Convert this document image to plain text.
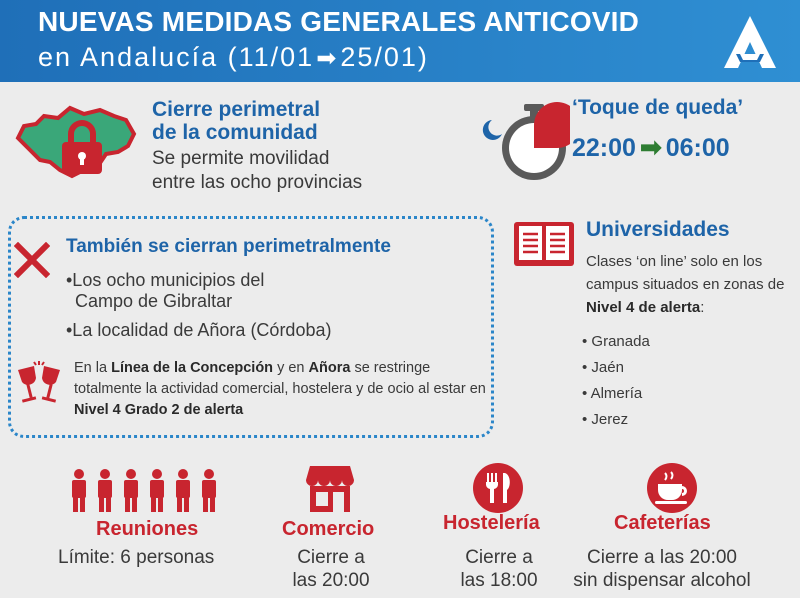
NUEVAS MEDIDAS GENERALES ANTICOVID
en Andalucía (11/01➡25/01)
Cierre perimetral
de la comunidad
Se permite movilidad
entre las ocho provincias
‘Toque de queda’
22:00 ➡ 06:00
También se cierran perimetralmente
•Los ocho municipios del
Campo de Gibraltar
•La localidad de Añora (Córdoba)
En la Línea de la Concepción y en Añora se restringe totalmente la actividad comercial, hostelera y de ocio al estar en Nivel 4 Grado 2 de alerta
Universidades
Clases ‘on line’ solo en los campus situados en zonas de Nivel 4 de alerta:
• Granada
• Jaén
• Almería
• Jerez
Reuniones
Límite: 6 personas
Comercio
Cierre a
las 20:00
Hostelería
Cierre a
las 18:00
Cafeterías
Cierre a las 20:00
sin dispensar alcohol
